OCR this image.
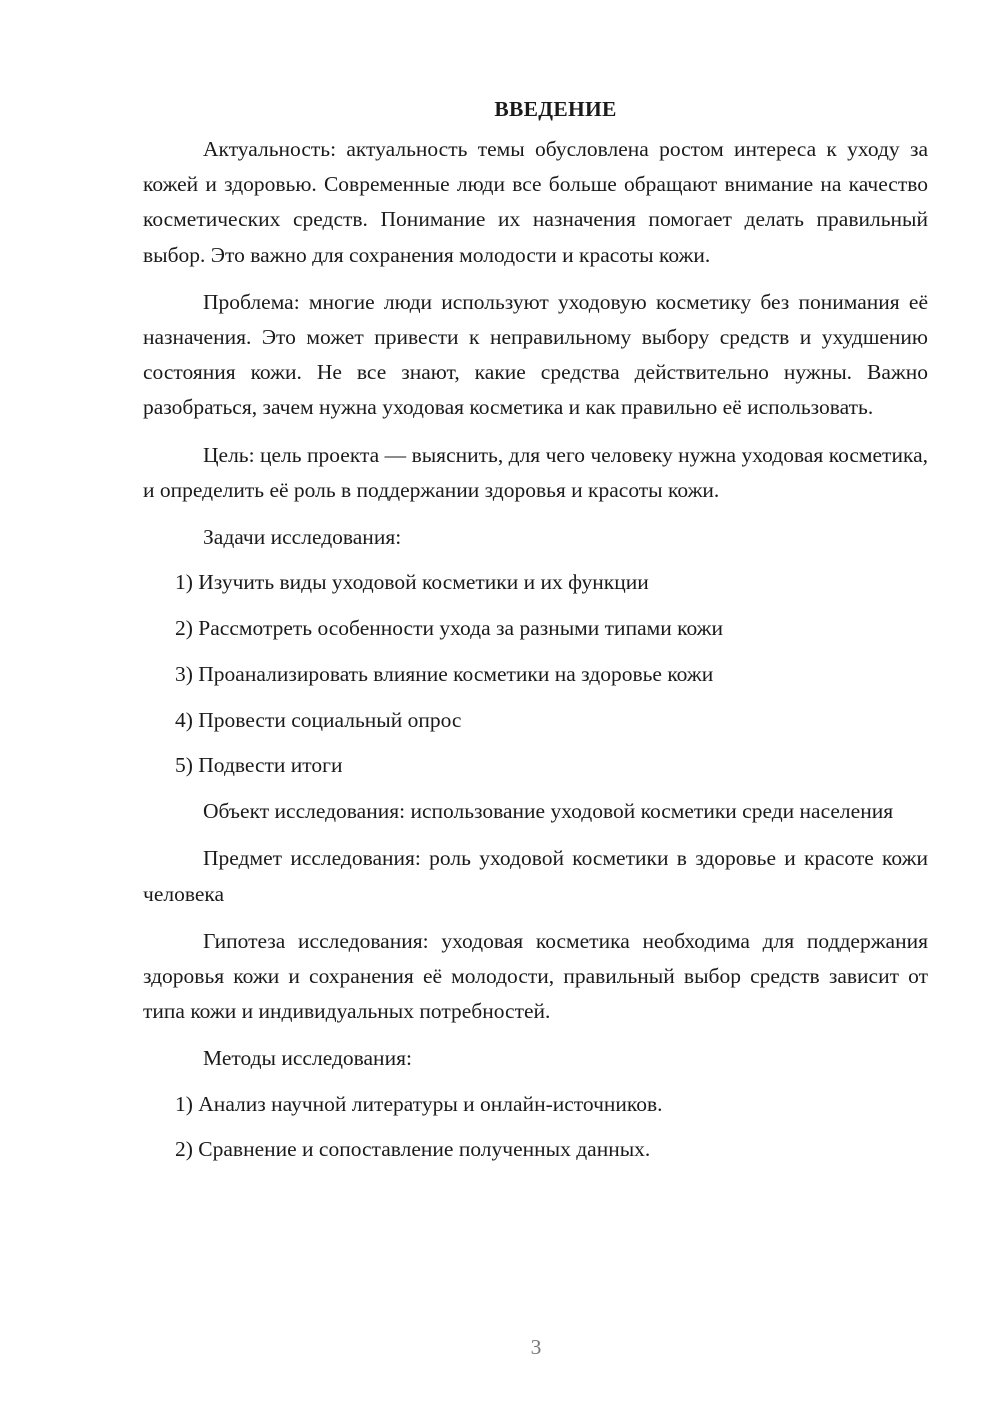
ВВЕДЕНИЕ

Актуальность: актуальность темы обусловлена ростом интереса к уходу за кожей и здоровью. Современные люди все больше обращают внимание на качество косметических средств. Понимание их назначения помогает делать правильный выбор. Это важно для сохранения молодости и красоты кожи.

Проблема: многие люди используют уходовую косметику без понимания её назначения. Это может привести к неправильному выбору средств и ухудшению состояния кожи. Не все знают, какие средства действительно нужны. Важно разобраться, зачем нужна уходовая косметика и как правильно её использовать.

Цель: цель проекта — выяснить, для чего человеку нужна уходовая косметика, и определить её роль в поддержании здоровья и красоты кожи.

Задачи исследования:

1) Изучить виды уходовой косметики и их функции
2) Рассмотреть особенности ухода за разными типами кожи
3) Проанализировать влияние косметики на здоровье кожи
4) Провести социальный опрос
5) Подвести итоги

Объект исследования: использование уходовой косметики среди населения

Предмет исследования: роль уходовой косметики в здоровье и красоте кожи человека

Гипотеза исследования: уходовая косметика необходима для поддержания здоровья кожи и сохранения её молодости, правильный выбор средств зависит от типа кожи и индивидуальных потребностей.

Методы исследования:

1) Анализ научной литературы и онлайн-источников.
2) Сравнение и сопоставление полученных данных.
3
